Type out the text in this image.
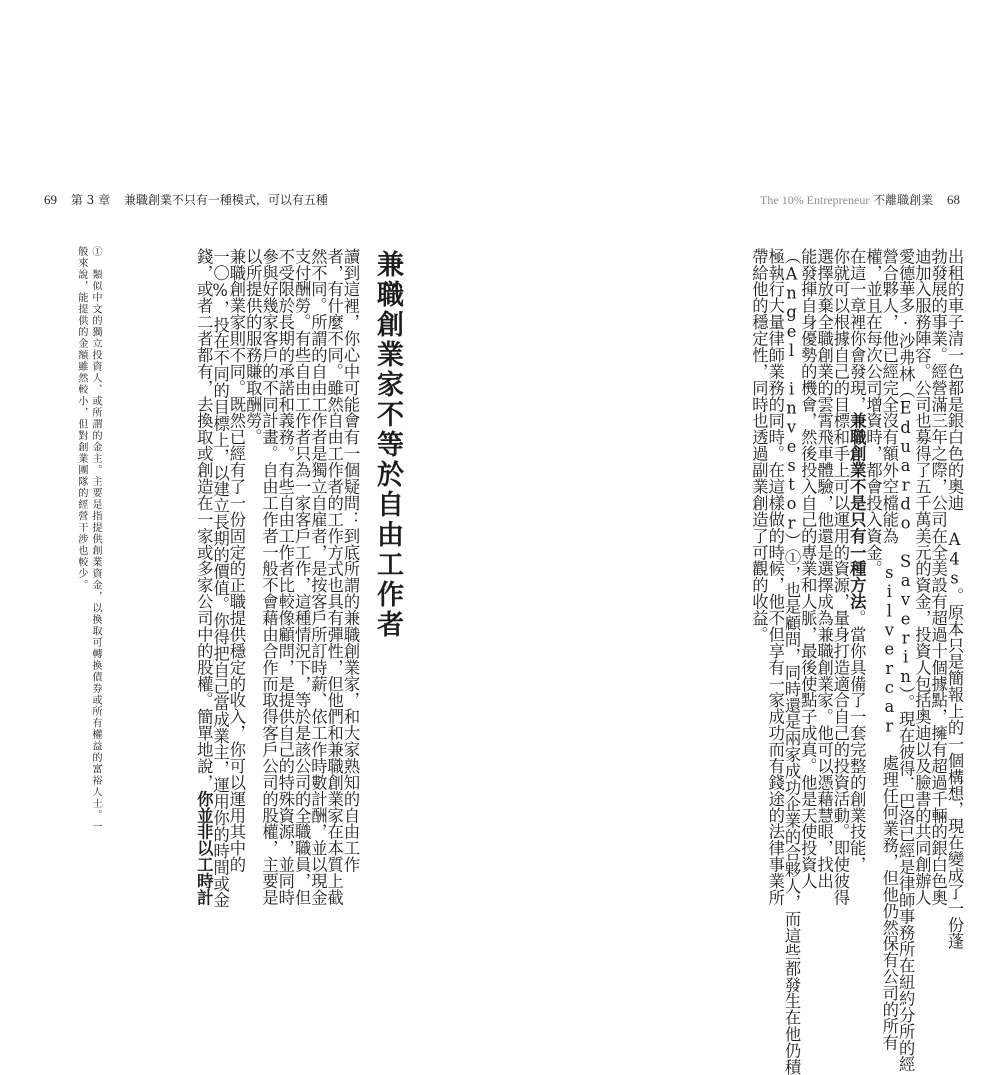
69 第 3 章 兼職創業不只有一種模式，可以有五種	The 10% Entrepreneur 不離職創業 68
出租的車子清一色都是銀白色的奧迪 A4s。原本只是簡報上的一個構想，現在變成了一份蓬
勃發展的事業。經營滿三年之際，公司在全美設有超過十個據點，擁有超過千輛的銀白色奧
迪加入服務陣容。公司也募得了五千萬美元的資金，投資人包括奧迪以及臉書的共同創辦人
愛德華多·沙弗林（Eduardo Saverin）。現在彼得．巴洛已經是律師事務所在紐約分所的經
營合夥人，他已經完全沒有額外空檔能為 silvercar 處理任何業務，但他仍然保有公司的所有
權，並且在每次公司增資時，都會投入資金。
在這一章裡你會發現，兼職創業不是只有一種方法。當你具備了一套完整的創業技能，
你就可以根據自己的目標和手上可以運用的資源，量身打造適合自己的投資活動。即使彼得
選擇放棄全職創業的雲霄飛車體驗，他還是選擇成為兼職創業家。他可以憑藉慧眼，找出
能發揮自身優勢的機會，然後投入自己的專業和人脈，最後使點子成真。他是天使投資人
（Angel investor）①，也是顧問，同時還是兩家成功企業的合夥人，而這些都發生在他仍積
極執行大量律師業務的同時。在這樣做的時候，他不但享有一家成功而有錢途的法律事業所
帶給他的穩定性，同時也透過副業創造了可觀的收益。
兼職創業家不等於自由工作者
讀到這裡，你心中可能會有一個疑問：到底所謂的兼職創業家，和大家熟知的自由工作
者，有什麼不同。雖然自由工作者的工作方式也具有彈性，但他們和兼職創業家在本質上截
然不同。所謂的自由工作者是獨立自雇者，是按客戶所訂時薪、依工作時數計酬，並以現金
支付酬勞。有些自由工作者只為一家客戶工作，這種情況下，等於是該公司的全職職員，但
不受限於長期的承諾和義務。有些自由工作者比較像顧問，是提供自己的特殊資源，並同時
參與好幾家客戶的不同計畫。自由工作者一般不會藉由合作而取得客戶公司的股權，主要是
以所提供的服務賺取酬勞。
兼職創業家則不同。既然已經有了一份固定的正職提供穩定的收入，你可以運用其中的
一〇%，投在不同的目標上，以建立長期的價值。你得把自己當成業主，運用你的時間或金
錢，或者二者都有，去換取或創造在一家或多家公司中的股權。簡單地說，你並非以工時計
①　類似中文的獨立投資人、或所謂的金主。主要是指提供創業資金，以換取可轉換債券或所有權益的富裕人士。一
般來說，能提供的金額雖然較小，但對創業團隊的經營干涉也較少。
